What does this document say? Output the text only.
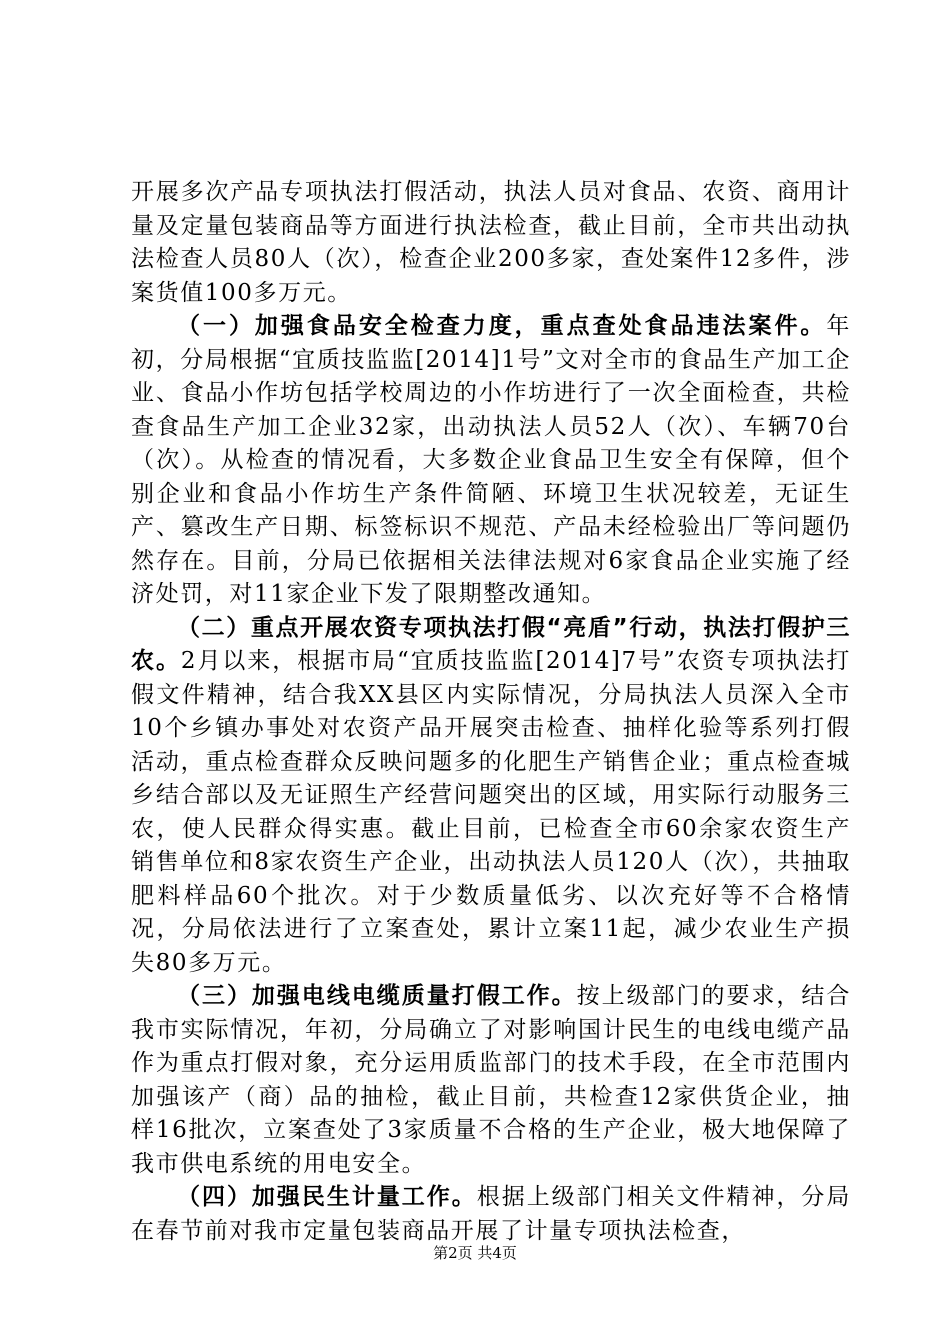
开展多次产品专项执法打假活动，执法人员对食品、农资、商用计量及定量包装商品等方面进行执法检查，截止目前，全市共出动执法检查人员80人（次），检查企业200多家，查处案件12多件，涉案货值100多万元。

（一）加强食品安全检查力度，重点查处食品违法案件。年初，分局根据“宜质技监监[2014]1号”文对全市的食品生产加工企业、食品小作坊包括学校周边的小作坊进行了一次全面检查，共检查食品生产加工企业32家，出动执法人员52人（次）、车辆70台（次）。从检查的情况看，大多数企业食品卫生安全有保障，但个别企业和食品小作坊生产条件简陋、环境卫生状况较差，无证生产、篡改生产日期、标签标识不规范、产品未经检验出厂等问题仍然存在。目前，分局已依据相关法律法规对6家食品企业实施了经济处罚，对11家企业下发了限期整改通知。

（二）重点开展农资专项执法打假“亮盾”行动，执法打假护三农。2月以来，根据市局“宜质技监监[2014]7号”农资专项执法打假文件精神，结合我XX县区内实际情况，分局执法人员深入全市10个乡镇办事处对农资产品开展突击检查、抽样化验等系列打假活动，重点检查群众反映问题多的化肥生产销售企业；重点检查城乡结合部以及无证照生产经营问题突出的区域，用实际行动服务三农，使人民群众得实惠。截止目前，已检查全市60余家农资生产销售单位和8家农资生产企业，出动执法人员120人（次），共抽取肥料样品60个批次。对于少数质量低劣、以次充好等不合格情况，分局依法进行了立案查处，累计立案11起，减少农业生产损失80多万元。

（三）加强电线电缆质量打假工作。按上级部门的要求，结合我市实际情况，年初，分局确立了对影响国计民生的电线电缆产品作为重点打假对象，充分运用质监部门的技术手段，在全市范围内加强该产（商）品的抽检，截止目前，共检查12家供货企业，抽样16批次，立案查处了3家质量不合格的生产企业，极大地保障了我市供电系统的用电安全。

（四）加强民生计量工作。根据上级部门相关文件精神，分局在春节前对我市定量包装商品开展了计量专项执法检查，

第2页 共4页
